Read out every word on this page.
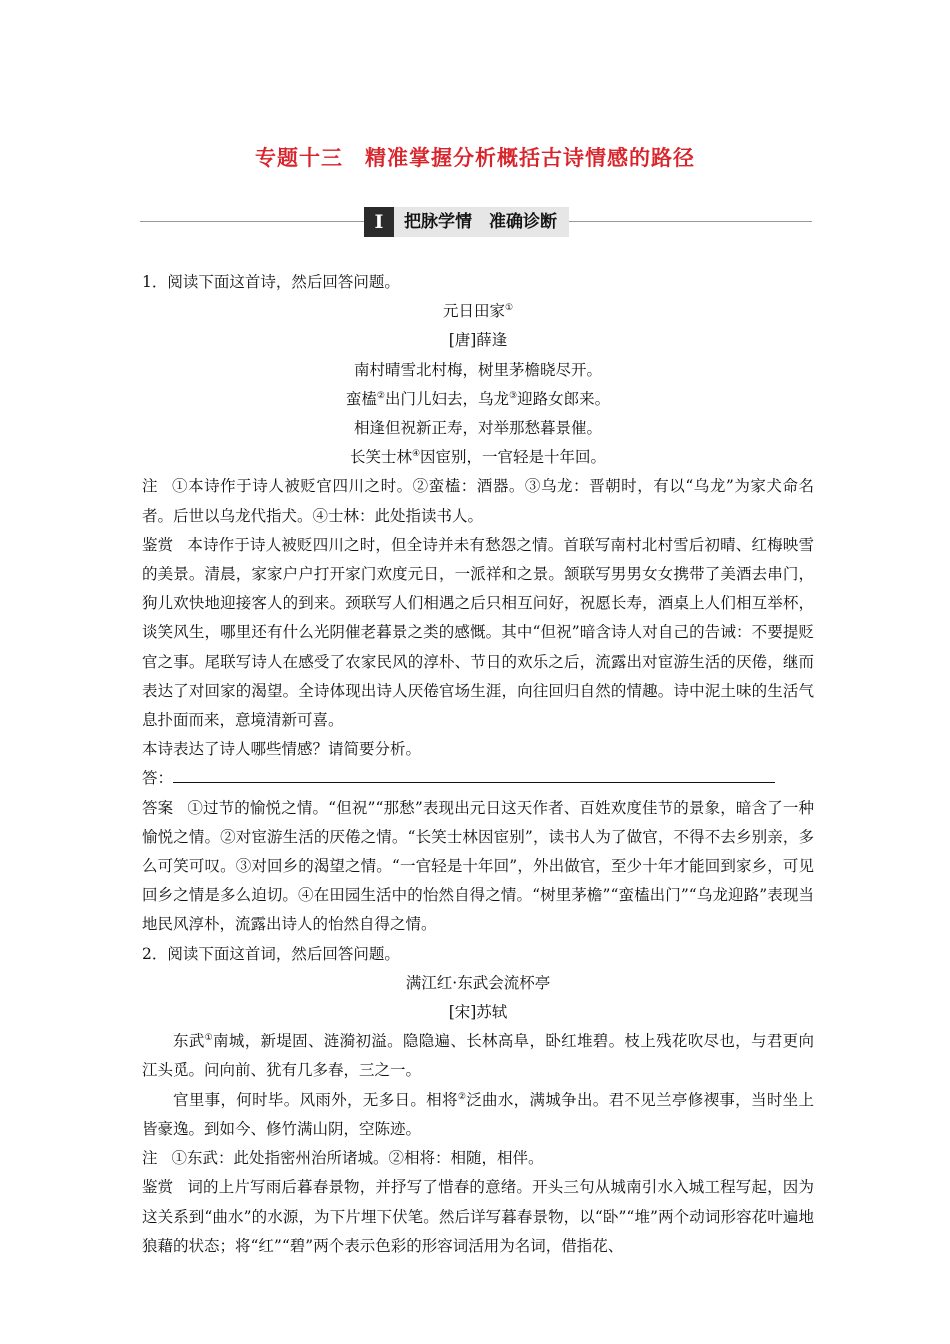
专题十三　精准掌握分析概括古诗情感的路径
Ⅰ	把脉学情　准确诊断

1．阅读下面这首诗，然后回答问题。

元日田家①

[唐]薛逢

南村晴雪北村梅，树里茅檐晓尽开。

蛮榼②出门儿妇去，乌龙③迎路女郎来。

相逢但祝新正寿，对举那愁暮景催。

长笑士林④因宦别，一官轻是十年回。

注 ①本诗作于诗人被贬官四川之时。②蛮榼：酒器。③乌龙：晋朝时，有以“乌龙”为家犬命名者。后世以乌龙代指犬。④士林：此处指读书人。

鉴赏 本诗作于诗人被贬四川之时，但全诗并未有愁怨之情。首联写南村北村雪后初晴、红梅映雪的美景。清晨，家家户户打开家门欢度元日，一派祥和之景。颔联写男男女女携带了美酒去串门，狗儿欢快地迎接客人的到来。颈联写人们相遇之后只相互问好，祝愿长寿，酒桌上人们相互举杯，谈笑风生，哪里还有什么光阴催老暮景之类的感慨。其中“但祝”暗含诗人对自己的告诫：不要提贬官之事。尾联写诗人在感受了农家民风的淳朴、节日的欢乐之后，流露出对宦游生活的厌倦，继而表达了对回家的渴望。全诗体现出诗人厌倦官场生涯，向往回归自然的情趣。诗中泥土味的生活气息扑面而来，意境清新可喜。

本诗表达了诗人哪些情感？请简要分析。

答：

答案 ①过节的愉悦之情。“但祝”“那愁”表现出元日这天作者、百姓欢度佳节的景象，暗含了一种愉悦之情。②对宦游生活的厌倦之情。“长笑士林因宦别”，读书人为了做官，不得不去乡别亲，多么可笑可叹。③对回乡的渴望之情。“一官轻是十年回”，外出做官，至少十年才能回到家乡，可见回乡之情是多么迫切。④在田园生活中的怡然自得之情。“树里茅檐”“蛮榼出门”“乌龙迎路”表现当地民风淳朴，流露出诗人的怡然自得之情。

2．阅读下面这首词，然后回答问题。

满江红·东武会流杯亭

[宋]苏轼

东武①南城，新堤固、涟漪初溢。隐隐遍、长林高阜，卧红堆碧。枝上残花吹尽也，与君更向江头觅。问向前、犹有几多春，三之一。

官里事，何时毕。风雨外，无多日。相将②泛曲水，满城争出。君不见兰亭修禊事，当时坐上皆豪逸。到如今、修竹满山阴，空陈迹。

注 ①东武：此处指密州治所诸城。②相将：相随，相伴。

鉴赏 词的上片写雨后暮春景物，并抒写了惜春的意绪。开头三句从城南引水入城工程写起，因为这关系到“曲水”的水源，为下片埋下伏笔。然后详写暮春景物，以“卧”“堆”两个动词形容花叶遍地狼藉的状态；将“红”“碧”两个表示色彩的形容词活用为名词，借指花、
